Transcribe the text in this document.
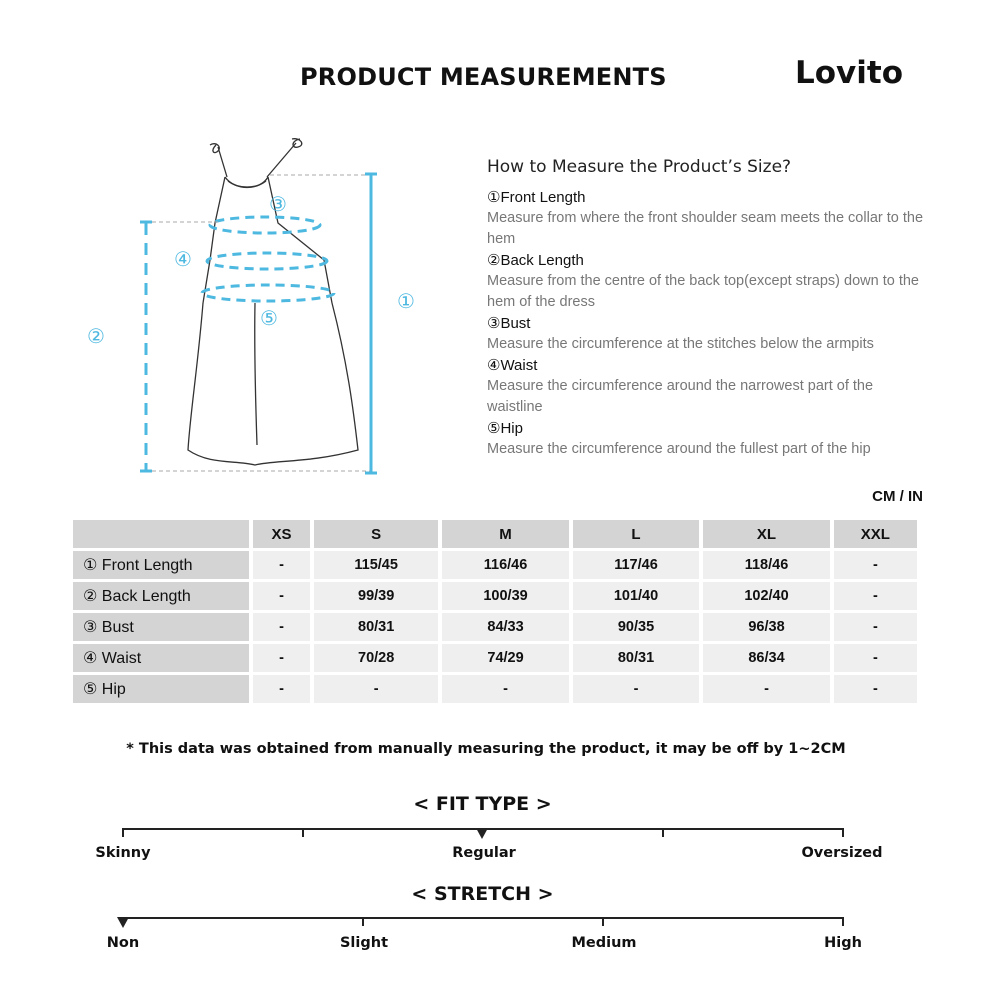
PRODUCT MEASUREMENTS	Lovito
①
②
③
④
⑤
How to Measure the Product’s Size?
①Front Length
Measure from where the front shoulder seam meets the collar to the hem
②Back Length
Measure from the centre of the back top(except straps) down to the hem of the dress
③Bust
Measure the circumference at the stitches below the armpits
④Waist
Measure the circumference around the narrowest part of the waistline
⑤Hip
Measure the circumference around the fullest part of the hip
CM / IN
	XS	S	M	L	XL	XXL
① Front Length	-	115/45	116/46	117/46	118/46	-
② Back Length	-	99/39	100/39	101/40	102/40	-
③ Bust	-	80/31	84/33	90/35	96/38	-
④ Waist	-	70/28	74/29	80/31	86/34	-
⑤ Hip	-	-	-	-	-	-
* This data was obtained from manually measuring the product, it may be off by 1~2CM
< FIT TYPE >
Skinny	Regular	Oversized
< STRETCH >
Non	Slight	Medium	High
